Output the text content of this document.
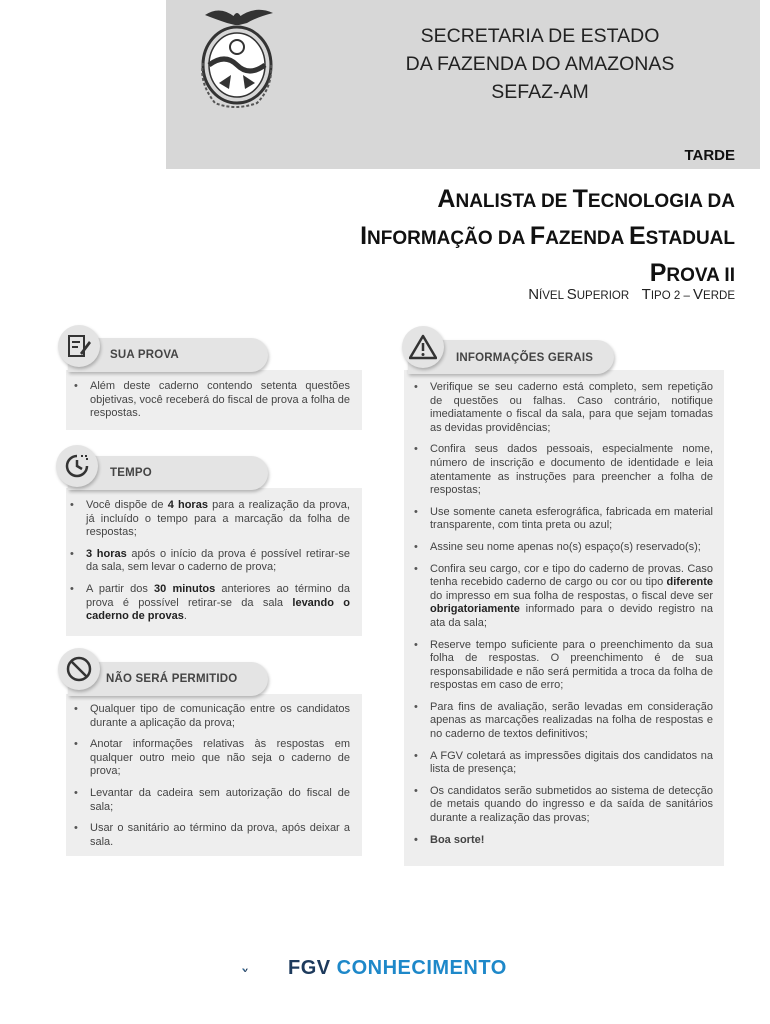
SECRETARIA DE ESTADO
DA FAZENDA DO AMAZONAS
SEFAZ-AM
TARDE
ANALISTA DE TECNOLOGIA DA
INFORMAÇÃO DA FAZENDA ESTADUAL
PROVA II
NÍVEL SUPERIOR TIPO 2 – VERDE
SUA PROVA
• Além deste caderno contendo setenta questões objetivas, você receberá do fiscal de prova a folha de respostas.
TEMPO
• Você dispõe de 4 horas para a realização da prova, já incluído o tempo para a marcação da folha de respostas;
• 3 horas após o início da prova é possível retirar-se da sala, sem levar o caderno de prova;
• A partir dos 30 minutos anteriores ao término da prova é possível retirar-se da sala levando o caderno de provas.
NÃO SERÁ PERMITIDO
• Qualquer tipo de comunicação entre os candidatos durante a aplicação da prova;
• Anotar informações relativas às respostas em qualquer outro meio que não seja o caderno de prova;
• Levantar da cadeira sem autorização do fiscal de sala;
• Usar o sanitário ao término da prova, após deixar a sala.
INFORMAÇÕES GERAIS
• Verifique se seu caderno está completo, sem repetição de questões ou falhas. Caso contrário, notifique imediatamente o fiscal da sala, para que sejam tomadas as devidas providências;
• Confira seus dados pessoais, especialmente nome, número de inscrição e documento de identidade e leia atentamente as instruções para preencher a folha de respostas;
• Use somente caneta esferográfica, fabricada em material transparente, com tinta preta ou azul;
• Assine seu nome apenas no(s) espaço(s) reservado(s);
• Confira seu cargo, cor e tipo do caderno de provas. Caso tenha recebido caderno de cargo ou cor ou tipo diferente do impresso em sua folha de respostas, o fiscal deve ser obrigatoriamente informado para o devido registro na ata da sala;
• Reserve tempo suficiente para o preenchimento da sua folha de respostas. O preenchimento é de sua responsabilidade e não será permitida a troca da folha de respostas em caso de erro;
• Para fins de avaliação, serão levadas em consideração apenas as marcações realizadas na folha de respostas e no caderno de textos definitivos;
• A FGV coletará as impressões digitais dos candidatos na lista de presença;
• Os candidatos serão submetidos ao sistema de detecção de metais quando do ingresso e da saída de sanitários durante a realização das provas;
• Boa sorte!
FGV CONHECIMENTO
